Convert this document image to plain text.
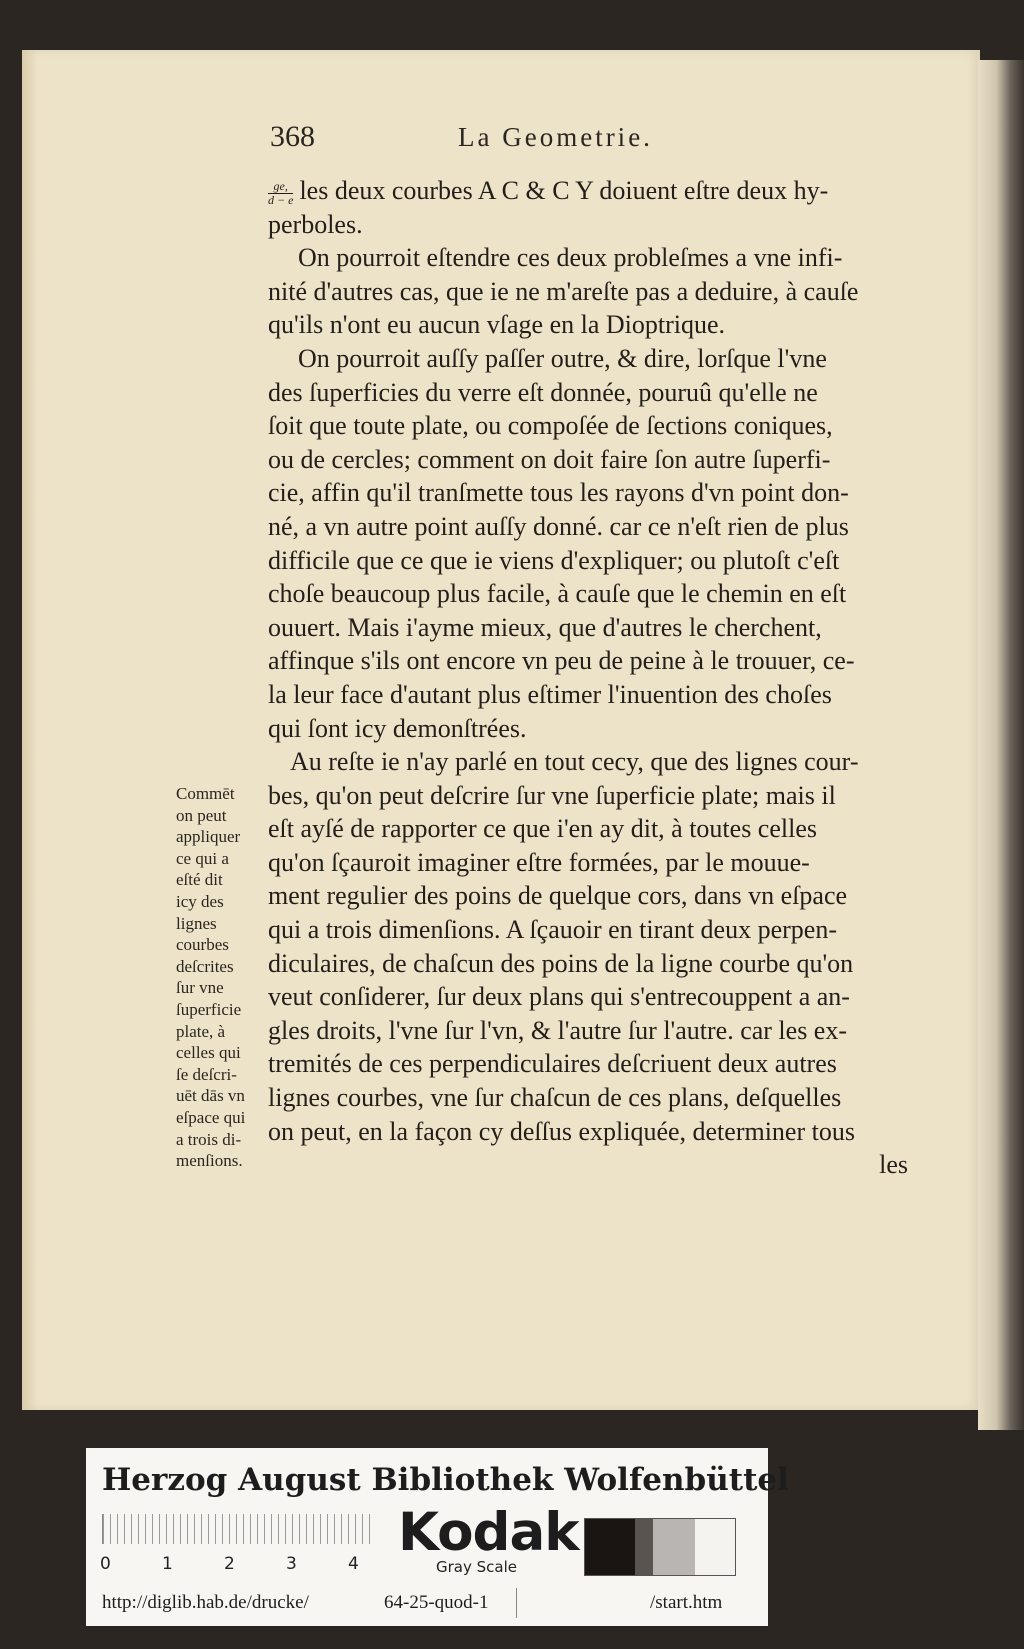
368	La Geometrie.
$\frac{ge,}{d - e}$ les deux courbes A C & C Y doiuent eſtre deux hy-
perboles.
On pourroit eſtendre ces deux probleſmes a vne infi-
nité d'autres cas, que ie ne m'areſte pas a deduire, à cauſe
qu'ils n'ont eu aucun vſage en la Dioptrique.
On pourroit auſſy paſſer outre, & dire, lorſque l'vne
des ſuperficies du verre eſt donnée, pouruû qu'elle ne
ſoit que toute plate, ou compoſée de ſections coniques,
ou de cercles; comment on doit faire ſon autre ſuperfi-
cie, affin qu'il tranſmette tous les rayons d'vn point don-
né, a vn autre point auſſy donné. car ce n'eſt rien de plus
difficile que ce que ie viens d'expliquer; ou plutoſt c'eſt
choſe beaucoup plus facile, à cauſe que le chemin en eſt
ouuert. Mais i'ayme mieux, que d'autres le cherchent,
affinque s'ils ont encore vn peu de peine à le trouuer, ce-
la leur face d'autant plus eſtimer l'inuention des choſes
qui ſont icy demonſtrées.
Au reſte ie n'ay parlé en tout cecy, que des lignes cour-
bes, qu'on peut deſcrire ſur vne ſuperficie plate; mais il
eſt ayſé de rapporter ce que i'en ay dit, à toutes celles
qu'on ſçauroit imaginer eſtre formées, par le mouue-
ment regulier des poins de quelque cors, dans vn eſpace
qui a trois dimenſions. A ſçauoir en tirant deux perpen-
diculaires, de chaſcun des poins de la ligne courbe qu'on
veut conſiderer, ſur deux plans qui s'entrecouppent a an-
gles droits, l'vne ſur l'vn, & l'autre ſur l'autre. car les ex-
tremités de ces perpendiculaires deſcriuent deux autres
lignes courbes, vne ſur chaſcun de ces plans, deſquelles
on peut, en la façon cy deſſus expliquée, determiner tous
les
Commēt
on peut
appliquer
ce qui a
eſté dit
icy des
lignes
courbes
deſcrites
ſur vne
ſuperficie
plate, à
celles qui
ſe deſcri-
uēt dās vn
eſpace qui
a trois di-
menſions.
Herzog August Bibliothek Wolfenbüttel
0	1	2	3	4
Kodak
Gray Scale
http://diglib.hab.de/drucke/	64-25-quod-1	/start.htm
